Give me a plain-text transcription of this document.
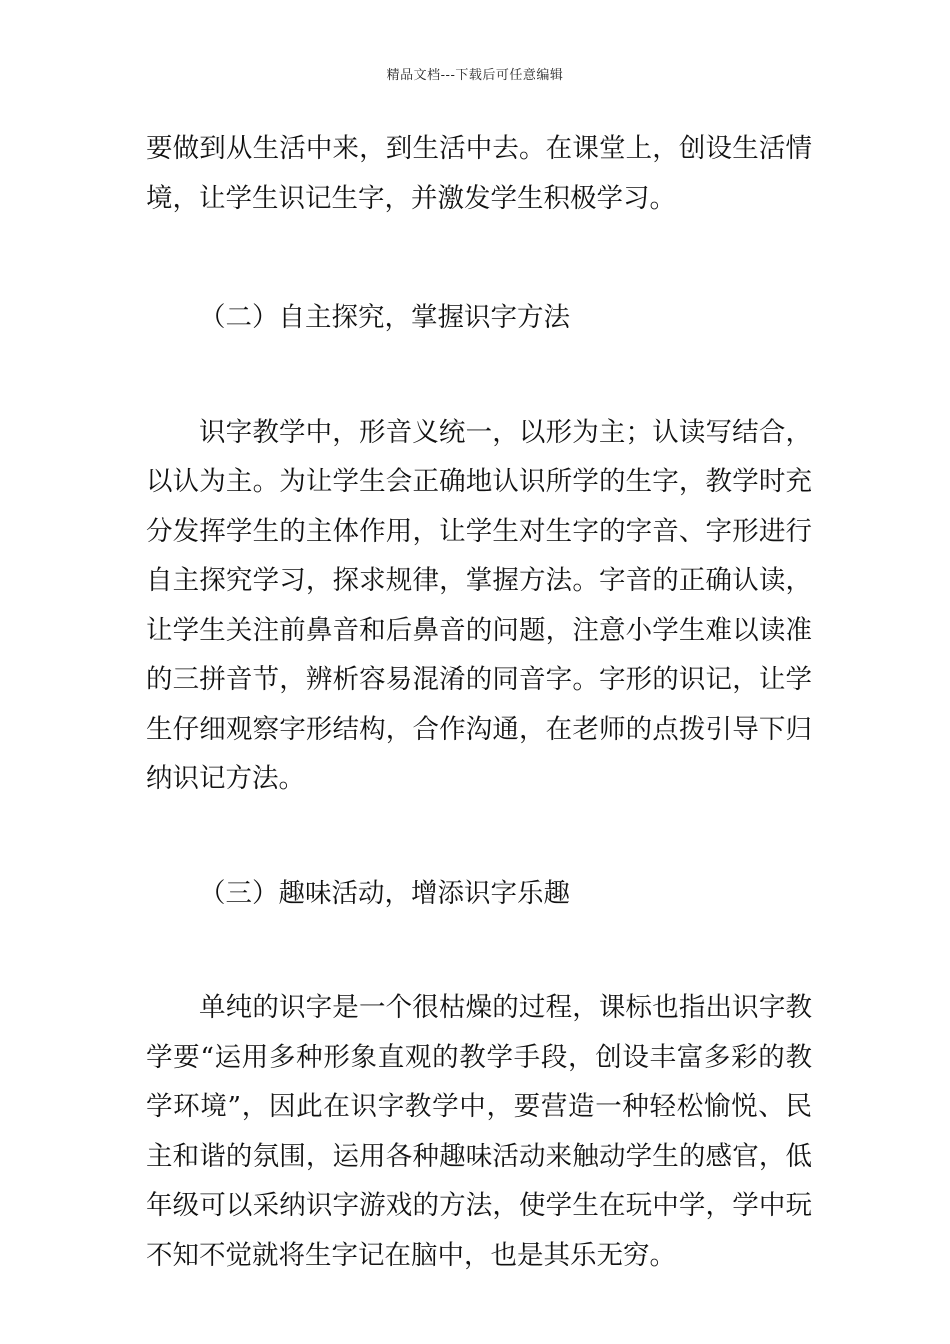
精品文档---下载后可任意编辑

要做到从生活中来，到生活中去。在课堂上，创设生活情境，让学生识记生字，并激发学生积极学习。

（二）自主探究，掌握识字方法

识字教学中，形音义统一，以形为主；认读写结合，以认为主。为让学生会正确地认识所学的生字，教学时充分发挥学生的主体作用，让学生对生字的字音、字形进行自主探究学习，探求规律，掌握方法。字音的正确认读，让学生关注前鼻音和后鼻音的问题，注意小学生难以读准的三拼音节，辨析容易混淆的同音字。字形的识记，让学生仔细观察字形结构，合作沟通，在老师的点拨引导下归纳识记方法。

（三）趣味活动，增添识字乐趣

单纯的识字是一个很枯燥的过程，课标也指出识字教学要“运用多种形象直观的教学手段，创设丰富多彩的教学环境”，因此在识字教学中，要营造一种轻松愉悦、民主和谐的氛围，运用各种趣味活动来触动学生的感官，低年级可以采纳识字游戏的方法，使学生在玩中学，学中玩不知不觉就将生字记在脑中，也是其乐无穷。
